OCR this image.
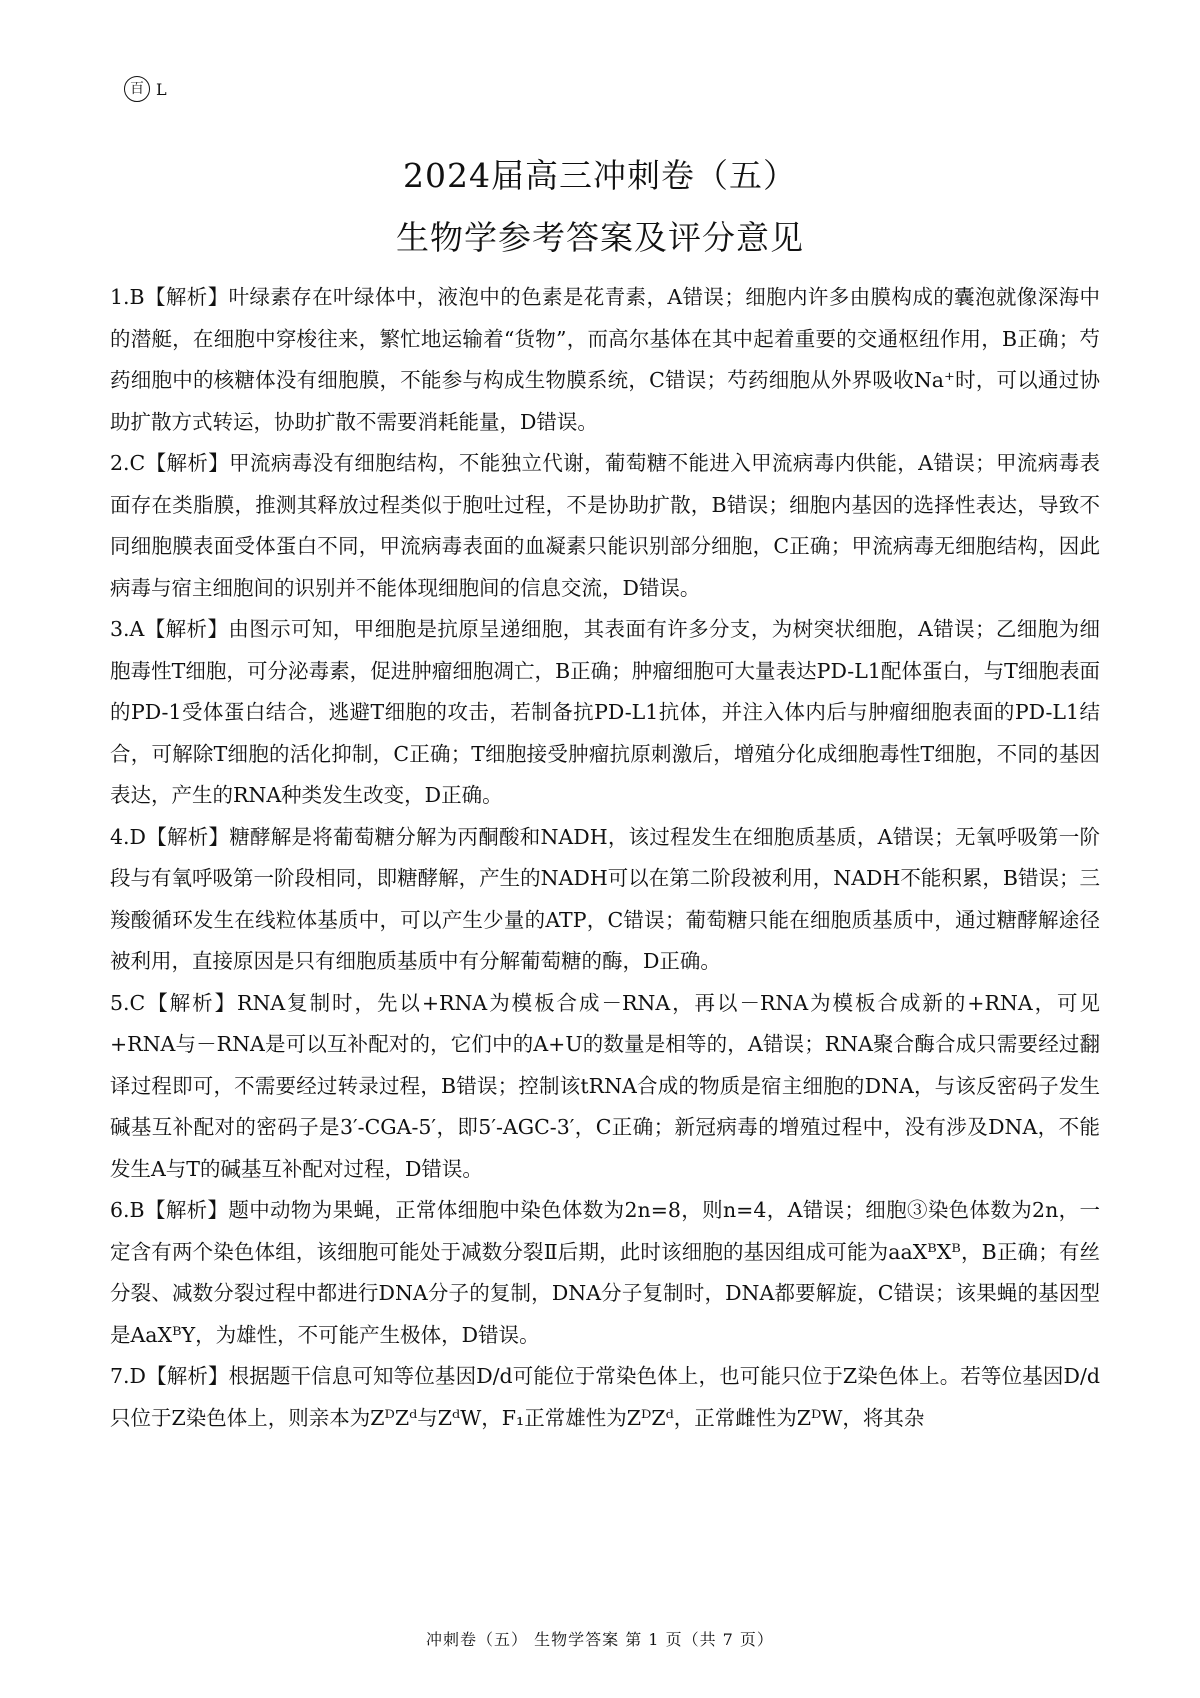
百 L
2024届高三冲刺卷（五）
生物学参考答案及评分意见

1.B【解析】叶绿素存在叶绿体中，液泡中的色素是花青素，A错误；细胞内许多由膜构成的囊泡就像深海中的潜艇，在细胞中穿梭往来，繁忙地运输着“货物”，而高尔基体在其中起着重要的交通枢纽作用，B正确；芍药细胞中的核糖体没有细胞膜，不能参与构成生物膜系统，C错误；芍药细胞从外界吸收Na⁺时，可以通过协助扩散方式转运，协助扩散不需要消耗能量，D错误。

2.C【解析】甲流病毒没有细胞结构，不能独立代谢，葡萄糖不能进入甲流病毒内供能，A错误；甲流病毒表面存在类脂膜，推测其释放过程类似于胞吐过程，不是协助扩散，B错误；细胞内基因的选择性表达，导致不同细胞膜表面受体蛋白不同，甲流病毒表面的血凝素只能识别部分细胞，C正确；甲流病毒无细胞结构，因此病毒与宿主细胞间的识别并不能体现细胞间的信息交流，D错误。

3.A【解析】由图示可知，甲细胞是抗原呈递细胞，其表面有许多分支，为树突状细胞，A错误；乙细胞为细胞毒性T细胞，可分泌毒素，促进肿瘤细胞凋亡，B正确；肿瘤细胞可大量表达PD-L1配体蛋白，与T细胞表面的PD-1受体蛋白结合，逃避T细胞的攻击，若制备抗PD-L1抗体，并注入体内后与肿瘤细胞表面的PD-L1结合，可解除T细胞的活化抑制，C正确；T细胞接受肿瘤抗原刺激后，增殖分化成细胞毒性T细胞，不同的基因表达，产生的RNA种类发生改变，D正确。

4.D【解析】糖酵解是将葡萄糖分解为丙酮酸和NADH，该过程发生在细胞质基质，A错误；无氧呼吸第一阶段与有氧呼吸第一阶段相同，即糖酵解，产生的NADH可以在第二阶段被利用，NADH不能积累，B错误；三羧酸循环发生在线粒体基质中，可以产生少量的ATP，C错误；葡萄糖只能在细胞质基质中，通过糖酵解途径被利用，直接原因是只有细胞质基质中有分解葡萄糖的酶，D正确。

5.C【解析】RNA复制时，先以+RNA为模板合成－RNA，再以－RNA为模板合成新的+RNA，可见+RNA与－RNA是可以互补配对的，它们中的A+U的数量是相等的，A错误；RNA聚合酶合成只需要经过翻译过程即可，不需要经过转录过程，B错误；控制该tRNA合成的物质是宿主细胞的DNA，与该反密码子发生碱基互补配对的密码子是3′-CGA-5′，即5′-AGC-3′，C正确；新冠病毒的增殖过程中，没有涉及DNA，不能发生A与T的碱基互补配对过程，D错误。

6.B【解析】题中动物为果蝇，正常体细胞中染色体数为2n=8，则n=4，A错误；细胞③染色体数为2n，一定含有两个染色体组，该细胞可能处于减数分裂Ⅱ后期，此时该细胞的基因组成可能为aaXᴮXᴮ，B正确；有丝分裂、减数分裂过程中都进行DNA分子的复制，DNA分子复制时，DNA都要解旋，C错误；该果蝇的基因型是AaXᴮY，为雄性，不可能产生极体，D错误。

7.D【解析】根据题干信息可知等位基因D/d可能位于常染色体上，也可能只位于Z染色体上。若等位基因D/d只位于Z染色体上，则亲本为ZᴰZᵈ与ZᵈW，F₁正常雄性为ZᴰZᵈ，正常雌性为ZᴰW，将其杂

冲刺卷（五） 生物学答案 第 1 页（共 7 页）
